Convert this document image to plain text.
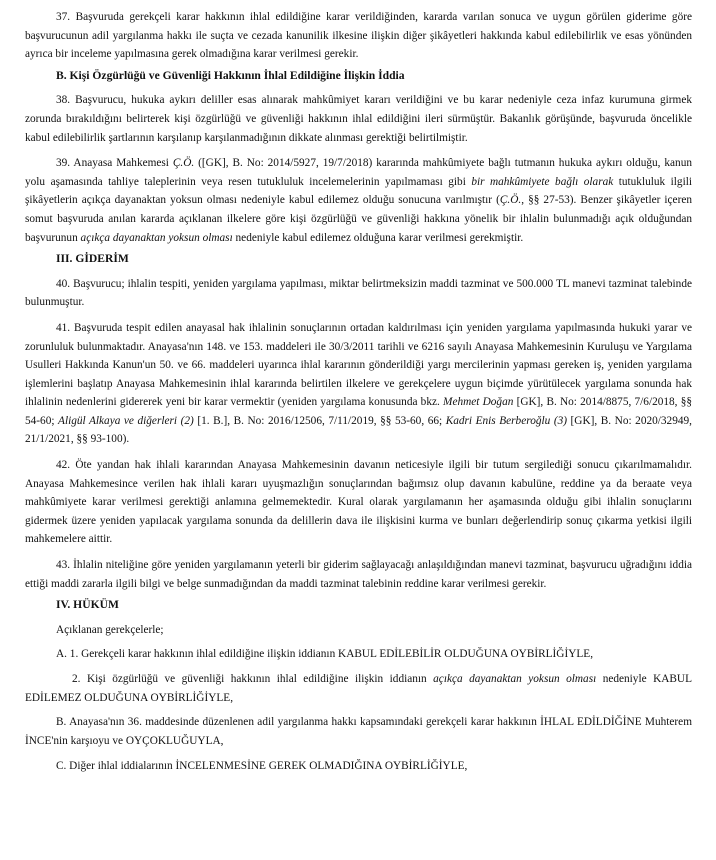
37. Başvuruda gerekçeli karar hakkının ihlal edildiğine karar verildiğinden, kararda varılan sonuca ve uygun görülen giderime göre başvurucunun adil yargılanma hakkı ile suçta ve cezada kanunilik ilkesine ilişkin diğer şikâyetleri hakkında kabul edilebilirlik ve esas yönünden ayrıca bir inceleme yapılmasına gerek olmadığına karar verilmesi gerekir.

B. Kişi Özgürlüğü ve Güvenliği Hakkının İhlal Edildiğine İlişkin İddia

38. Başvurucu, hukuka aykırı deliller esas alınarak mahkûmiyet kararı verildiğini ve bu karar nedeniyle ceza infaz kurumuna girmek zorunda bırakıldığını belirterek kişi özgürlüğü ve güvenliği hakkının ihlal edildiğini ileri sürmüştür. Bakanlık görüşünde, başvuruda öncelikle kabul edilebilirlik şartlarının karşılanıp karşılanmadığının dikkate alınması gerektiği belirtilmiştir.

39. Anayasa Mahkemesi Ç.Ö. ([GK], B. No: 2014/5927, 19/7/2018) kararında mahkûmiyete bağlı tutmanın hukuka aykırı olduğu, kanun yolu aşamasında tahliye taleplerinin veya resen tutukluluk incelemelerinin yapılmaması gibi bir mahkûmiyete bağlı olarak tutukluluk ilgili şikâyetlerin açıkça dayanaktan yoksun olması nedeniyle kabul edilemez olduğu sonucuna varılmıştır (Ç.Ö., §§ 27-53). Benzer şikâyetler içeren somut başvuruda anılan kararda açıklanan ilkelere göre kişi özgürlüğü ve güvenliği hakkına yönelik bir ihlalin bulunmadığı açık olduğundan başvurunun açıkça dayanaktan yoksun olması nedeniyle kabul edilemez olduğuna karar verilmesi gerekmiştir.

III. GİDERİM

40. Başvurucu; ihlalin tespiti, yeniden yargılama yapılması, miktar belirtmeksizin maddi tazminat ve 500.000 TL manevi tazminat talebinde bulunmuştur.

41. Başvuruda tespit edilen anayasal hak ihlalinin sonuçlarının ortadan kaldırılması için yeniden yargılama yapılmasında hukuki yarar ve zorunluluk bulunmaktadır. Anayasa'nın 148. ve 153. maddeleri ile 30/3/2011 tarihli ve 6216 sayılı Anayasa Mahkemesinin Kuruluşu ve Yargılama Usulleri Hakkında Kanun'un 50. ve 66. maddeleri uyarınca ihlal kararının gönderildiği yargı mercilerinin yapması gereken iş, yeniden yargılama işlemlerini başlatıp Anayasa Mahkemesinin ihlal kararında belirtilen ilkelere ve gerekçelere uygun biçimde yürütülecek yargılama sonunda hak ihlalinin nedenlerini gidererek yeni bir karar vermektir (yeniden yargılama konusunda bkz. Mehmet Doğan [GK], B. No: 2014/8875, 7/6/2018, §§ 54-60; Aligül Alkaya ve diğerleri (2) [1. B.], B. No: 2016/12506, 7/11/2019, §§ 53-60, 66; Kadri Enis Berberoğlu (3) [GK], B. No: 2020/32949, 21/1/2021, §§ 93-100).

42. Öte yandan hak ihlali kararından Anayasa Mahkemesinin davanın neticesiyle ilgili bir tutum sergilediği sonucu çıkarılmamalıdır. Anayasa Mahkemesince verilen hak ihlali kararı uyuşmazlığın sonuçlarından bağımsız olup davanın kabulüne, reddine ya da beraate veya mahkûmiyete karar verilmesi gerektiği anlamına gelmemektedir. Kural olarak yargılamanın her aşamasında olduğu gibi ihlalin sonuçlarını gidermek üzere yeniden yapılacak yargılama sonunda da delillerin dava ile ilişkisini kurma ve bunları değerlendirip sonuç çıkarma yetkisi ilgili mahkemelere aittir.

43. İhlalin niteliğine göre yeniden yargılamanın yeterli bir giderim sağlayacağı anlaşıldığından manevi tazminat, başvurucu uğradığını iddia ettiği maddi zararla ilgili bilgi ve belge sunmadığından da maddi tazminat talebinin reddine karar verilmesi gerekir.

IV. HÜKÜM

Açıklanan gerekçelerle;

A. 1. Gerekçeli karar hakkının ihlal edildiğine ilişkin iddianın KABUL EDİLEBİLİR OLDUĞUNA OYBİRLİĞİYLE,

2. Kişi özgürlüğü ve güvenliği hakkının ihlal edildiğine ilişkin iddianın açıkça dayanaktan yoksun olması nedeniyle KABUL EDİLEMEZ OLDUĞUNA OYBİRLİĞİYLE,

B. Anayasa'nın 36. maddesinde düzenlenen adil yargılanma hakkı kapsamındaki gerekçeli karar hakkının İHLAL EDİLDİĞİNE Muhterem İNCE'nin karşıoyu ve OYÇOKLUĞUYLA,

C. Diğer ihlal iddialarının İNCELENMESİNE GEREK OLMADIĞINA OYBİRLİĞİYLE,
